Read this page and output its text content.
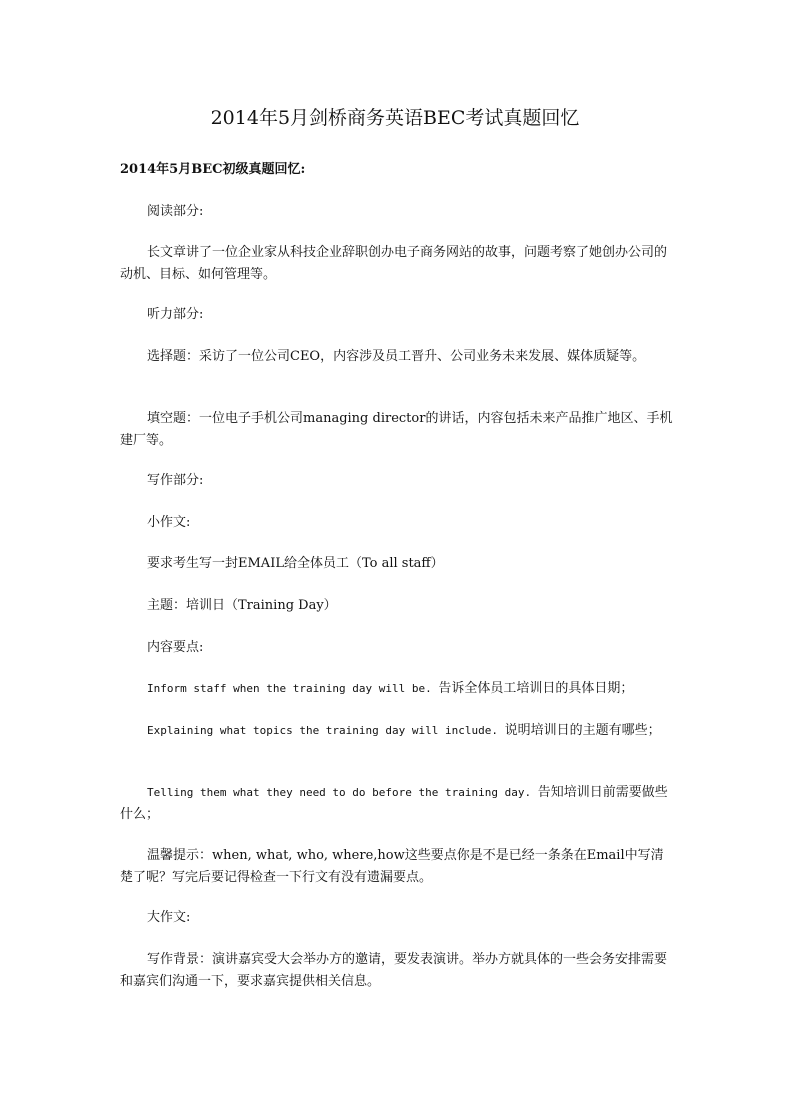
2014年5月剑桥商务英语BEC考试真题回忆

2014年5月BEC初级真题回忆:

阅读部分:

长文章讲了一位企业家从科技企业辞职创办电子商务网站的故事，问题考察了她创办公司的动机、目标、如何管理等。

听力部分:

选择题：采访了一位公司CEO，内容涉及员工晋升、公司业务未来发展、媒体质疑等。

填空题：一位电子手机公司managing director的讲话，内容包括未来产品推广地区、手机建厂等。

写作部分:

小作文:

要求考生写一封EMAIL给全体员工（To all staff）

主题：培训日（Training Day）

内容要点:

Inform staff when the training day will be. 告诉全体员工培训日的具体日期；

Explaining what topics the training day will include. 说明培训日的主题有哪些；

Telling them what they need to do before the training day. 告知培训日前需要做些什么；

温馨提示：when, what, who, where,how这些要点你是不是已经一条条在Email中写清楚了呢？写完后要记得检查一下行文有没有遗漏要点。

大作文:

写作背景：演讲嘉宾受大会举办方的邀请，要发表演讲。举办方就具体的一些会务安排需要和嘉宾们沟通一下，要求嘉宾提供相关信息。
